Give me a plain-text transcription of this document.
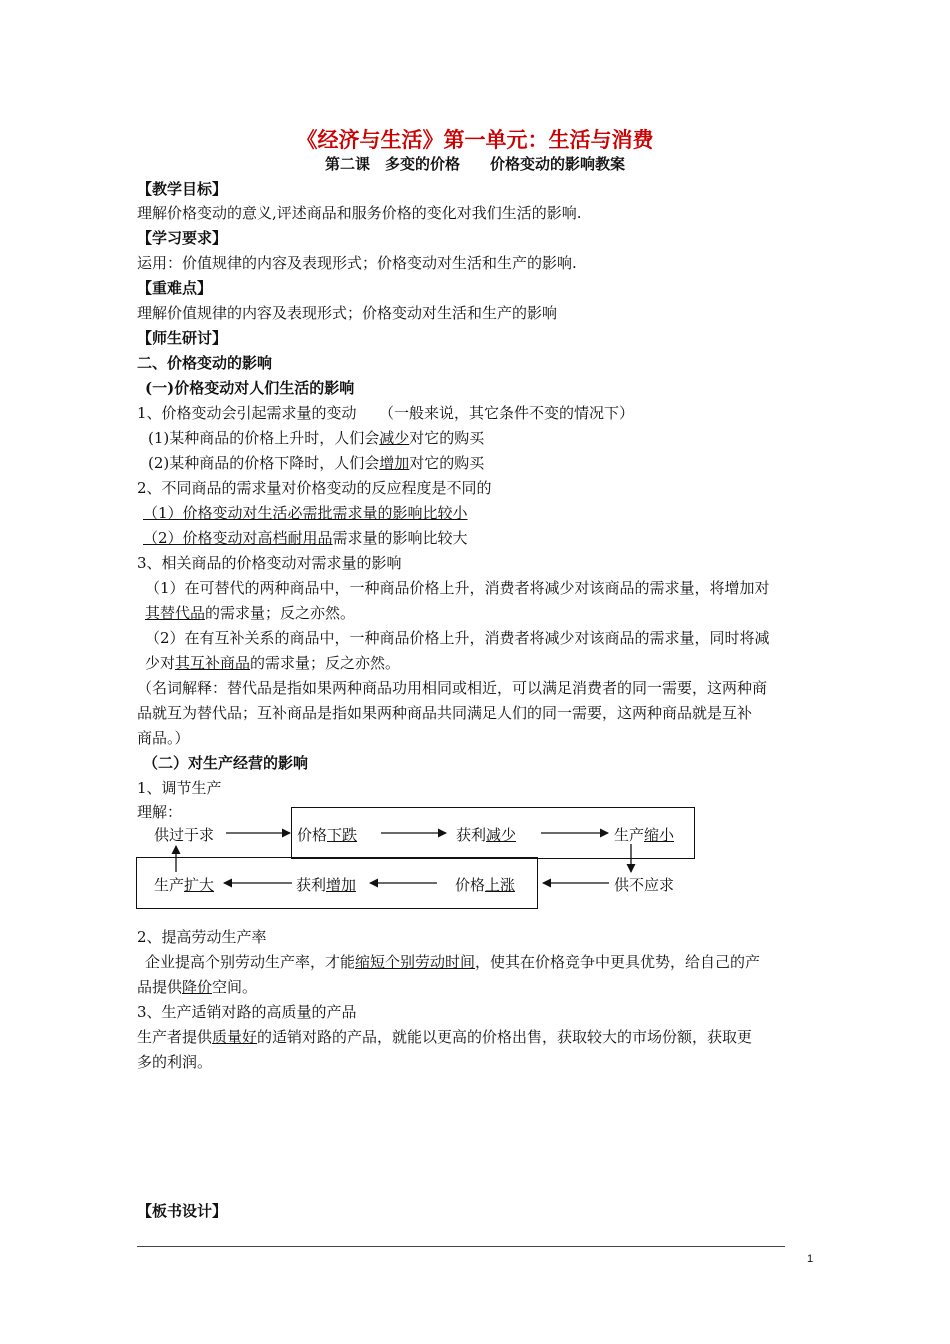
《经济与生活》第一单元：生活与消费
第二课　多变的价格　　价格变动的影响教案
【教学目标】
理解价格变动的意义,评述商品和服务价格的变化对我们生活的影响.
【学习要求】
运用：价值规律的内容及表现形式；价格变动对生活和生产的影响.
【重难点】
理解价值规律的内容及表现形式；价格变动对生活和生产的影响
【师生研讨】
二、价格变动的影响
(一)价格变动对人们生活的影响
1、价格变动会引起需求量的变动　　（一般来说，其它条件不变的情况下）
(1)某种商品的价格上升时，人们会减少对它的购买
(2)某种商品的价格下降时，人们会增加对它的购买
2、不同商品的需求量对价格变动的反应程度是不同的
（1）价格变动对生活必需批需求量的影响比较小
（2）价格变动对高档耐用品需求量的影响比较大
3、相关商品的价格变动对需求量的影响
（1）在可替代的两种商品中，一种商品价格上升，消费者将减少对该商品的需求量，将增加对
其替代品的需求量；反之亦然。
（2）在有互补关系的商品中，一种商品价格上升，消费者将减少对该商品的需求量，同时将减
少对其互补商品的需求量；反之亦然。
（名词解释：替代品是指如果两种商品功用相同或相近，可以满足消费者的同一需要，这两种商
品就互为替代品；互补商品是指如果两种商品共同满足人们的同一需要，这两种商品就是互补
商品。）
（二）对生产经营的影响
1、调节生产
理解：
供过于求	价格下跌	获利减少	生产缩小
供不应求
价格上涨
获利增加
生产扩大
2、提高劳动生产率
企业提高个别劳动生产率，才能缩短个别劳动时间，使其在价格竞争中更具优势，给自己的产
品提供降价空间。
3、生产适销对路的高质量的产品
生产者提供质量好的适销对路的产品，就能以更高的价格出售，获取较大的市场份额，获取更
多的利润。
【板书设计】
1
